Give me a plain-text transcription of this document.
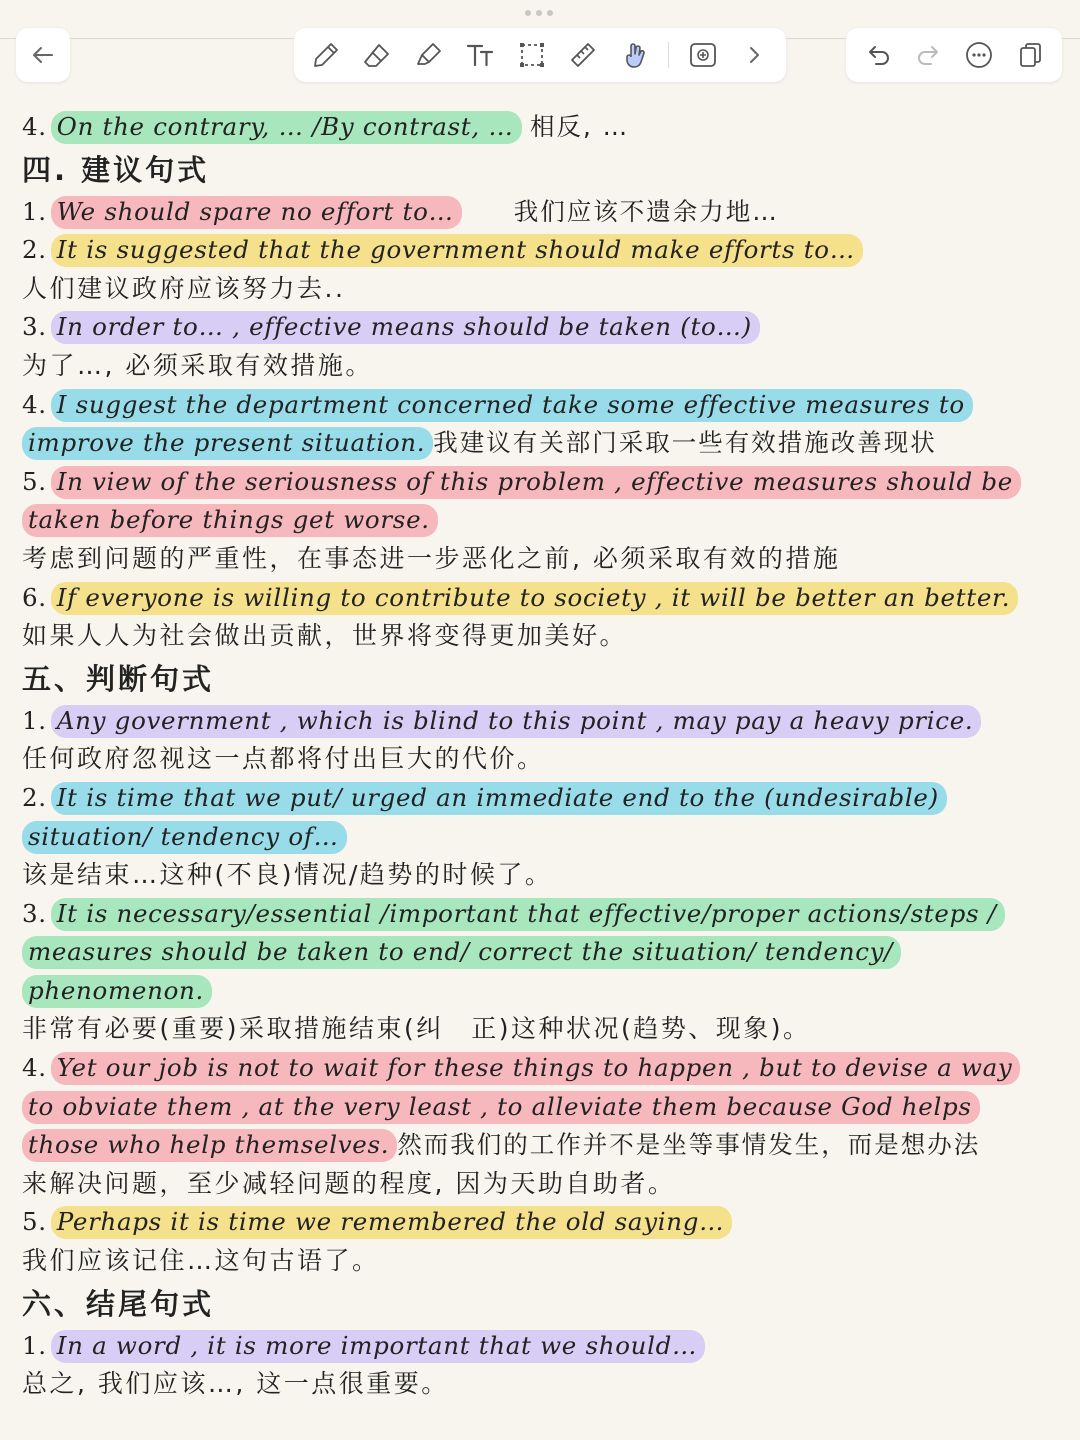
4. On the contrary, … /By contrast, … 相反, …
四. 建议句式
1. We should spare no effort to… 我们应该不遗余力地…
2. It is suggested that the government should make efforts to…
人们建议政府应该努力去..
3. In order to… , effective means should be taken (to…)
为了…, 必须采取有效措施。
4. I suggest the department concerned take some effective measures to
improve the present situation. 我建议有关部门采取一些有效措施改善现状
5. In view of the seriousness of this problem , effective measures should be
taken before things get worse.
考虑到问题的严重性，在事态进一步恶化之前, 必须采取有效的措施
6. If everyone is willing to contribute to society , it will be better an better.
如果人人为社会做出贡献，世界将变得更加美好。
五、判断句式
1. Any government , which is blind to this point , may pay a heavy price.
任何政府忽视这一点都将付出巨大的代价。
2. It is time that we put/ urged an immediate end to the (undesirable)
situation/ tendency of…
该是结束…这种(不良)情况/趋势的时候了。
3. It is necessary/essential /important that effective/proper actions/steps /
measures should be taken to end/ correct the situation/ tendency/
phenomenon.
非常有必要(重要)采取措施结束(纠　正)这种状况(趋势、现象)。
4. Yet our job is not to wait for these things to happen , but to devise a way
to obviate them , at the very least , to alleviate them because God helps
those who help themselves. 然而我们的工作并不是坐等事情发生，而是想办法
来解决问题，至少减轻问题的程度, 因为天助自助者。
5. Perhaps it is time we remembered the old saying…
我们应该记住…这句古语了。
六、结尾句式
1. In a word , it is more important that we should…
总之, 我们应该…, 这一点很重要。
